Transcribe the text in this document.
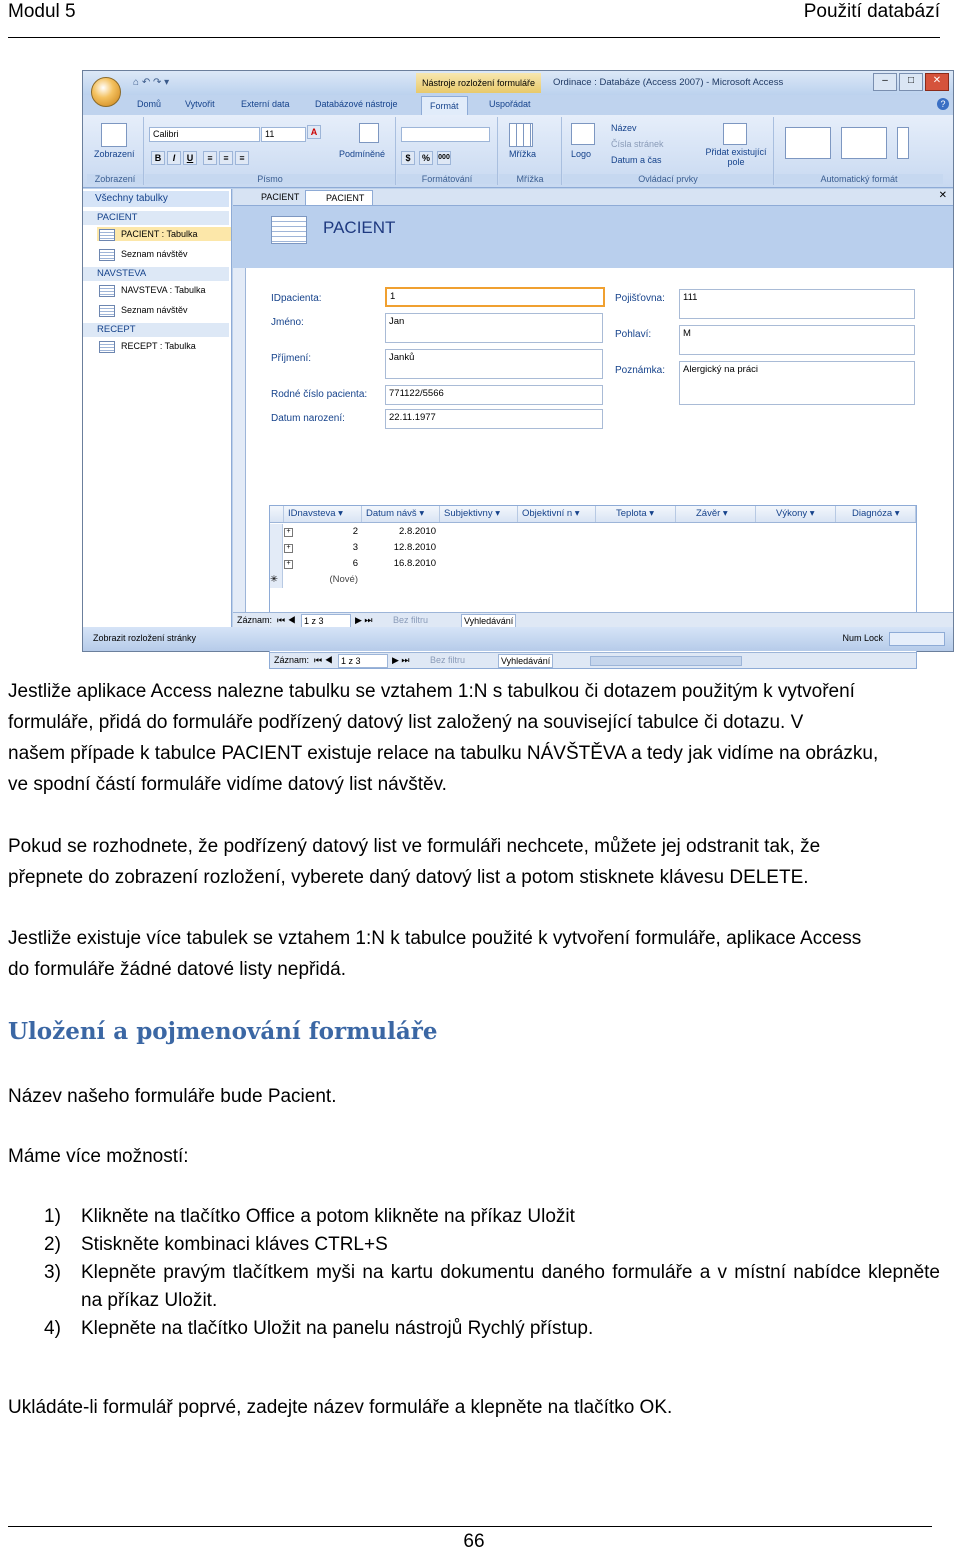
Modul 5	Použití databází
⌂ ↶ ↷ ▾	Nástroje rozložení formuláře	Ordinace : Databáze (Access 2007) - Microsoft Access	–	□	✕
Domů	Vytvořit	Externí data	Databázové nástroje	Formát	Uspořádat	?
Zobrazení
Zobrazení
Calibri	11
B	I	U	≡	≡	≡
A
Podmíněné
Písmo
$	%	000
Formátování
Mřížka
Mřížka
Logo
Název
Čísla stránek
Datum a čas
Přidat existující pole
Ovládací prvky	Automatický formát
Všechny tabulky
PACIENT
PACIENT : Tabulka
Seznam návštěv
NAVSTEVA
NAVSTEVA : Tabulka
Seznam návštěv
RECEPT
RECEPT : Tabulka
PACIENT	PACIENT	✕
PACIENT
IDpacienta:	1
Jméno:	Jan
Příjmení:	Janků
Rodné číslo pacienta:	771122/5566
Datum narození:	22.11.1977
Pojišťovna:	111
Pohlaví:	M
Poznámka:	Alergický na práci
IDnavsteva ▾	Datum návš ▾	Subjektivny ▾	Objektivní n ▾	Teplota ▾	Závěr ▾	Výkony ▾	Diagnóza ▾
+	2	2.8.2010
+	3	12.8.2010
+	6	16.8.2010
✳	(Nové)
Záznam: ⏮ ◀ 1 z 3	▶ ⏭ Bez filtru	Vyhledávání
Záznam: ⏮ ◀ 1 z 3	▶ ⏭ Bez filtru	Vyhledávání
Zobrazit rozložení stránky	Num Lock
Jestliže aplikace Access nalezne tabulku se vztahem 1:N s tabulkou či dotazem použitým k vytvoření
formuláře, přidá do formuláře podřízený datový list založený na související tabulce či dotazu. V
našem případe k tabulce PACIENT existuje relace na tabulku NÁVŠTĚVA a tedy jak vidíme na obrázku,
ve spodní částí formuláře vidíme datový list návštěv.
Pokud se rozhodnete, že podřízený datový list ve formuláři nechcete, můžete jej odstranit tak, že
přepnete do zobrazení rozložení, vyberete daný datový list a potom stisknete klávesu DELETE.
Jestliže existuje více tabulek se vztahem 1:N k tabulce použité k vytvoření formuláře, aplikace Access
do formuláře žádné datové listy nepřidá.
Uložení a pojmenování formuláře
Název našeho formuláře bude Pacient.
Máme více možností:
1) Klikněte na tlačítko Office a potom klikněte na příkaz Uložit
2) Stiskněte kombinaci kláves CTRL+S
3) Klepněte pravým tlačítkem myši na kartu dokumentu daného formuláře a v místní nabídce klepněte na příkaz Uložit.
4) Klepněte na tlačítko Uložit na panelu nástrojů Rychlý přístup.
Ukládáte-li formulář poprvé, zadejte název formuláře a klepněte na tlačítko OK.
66
